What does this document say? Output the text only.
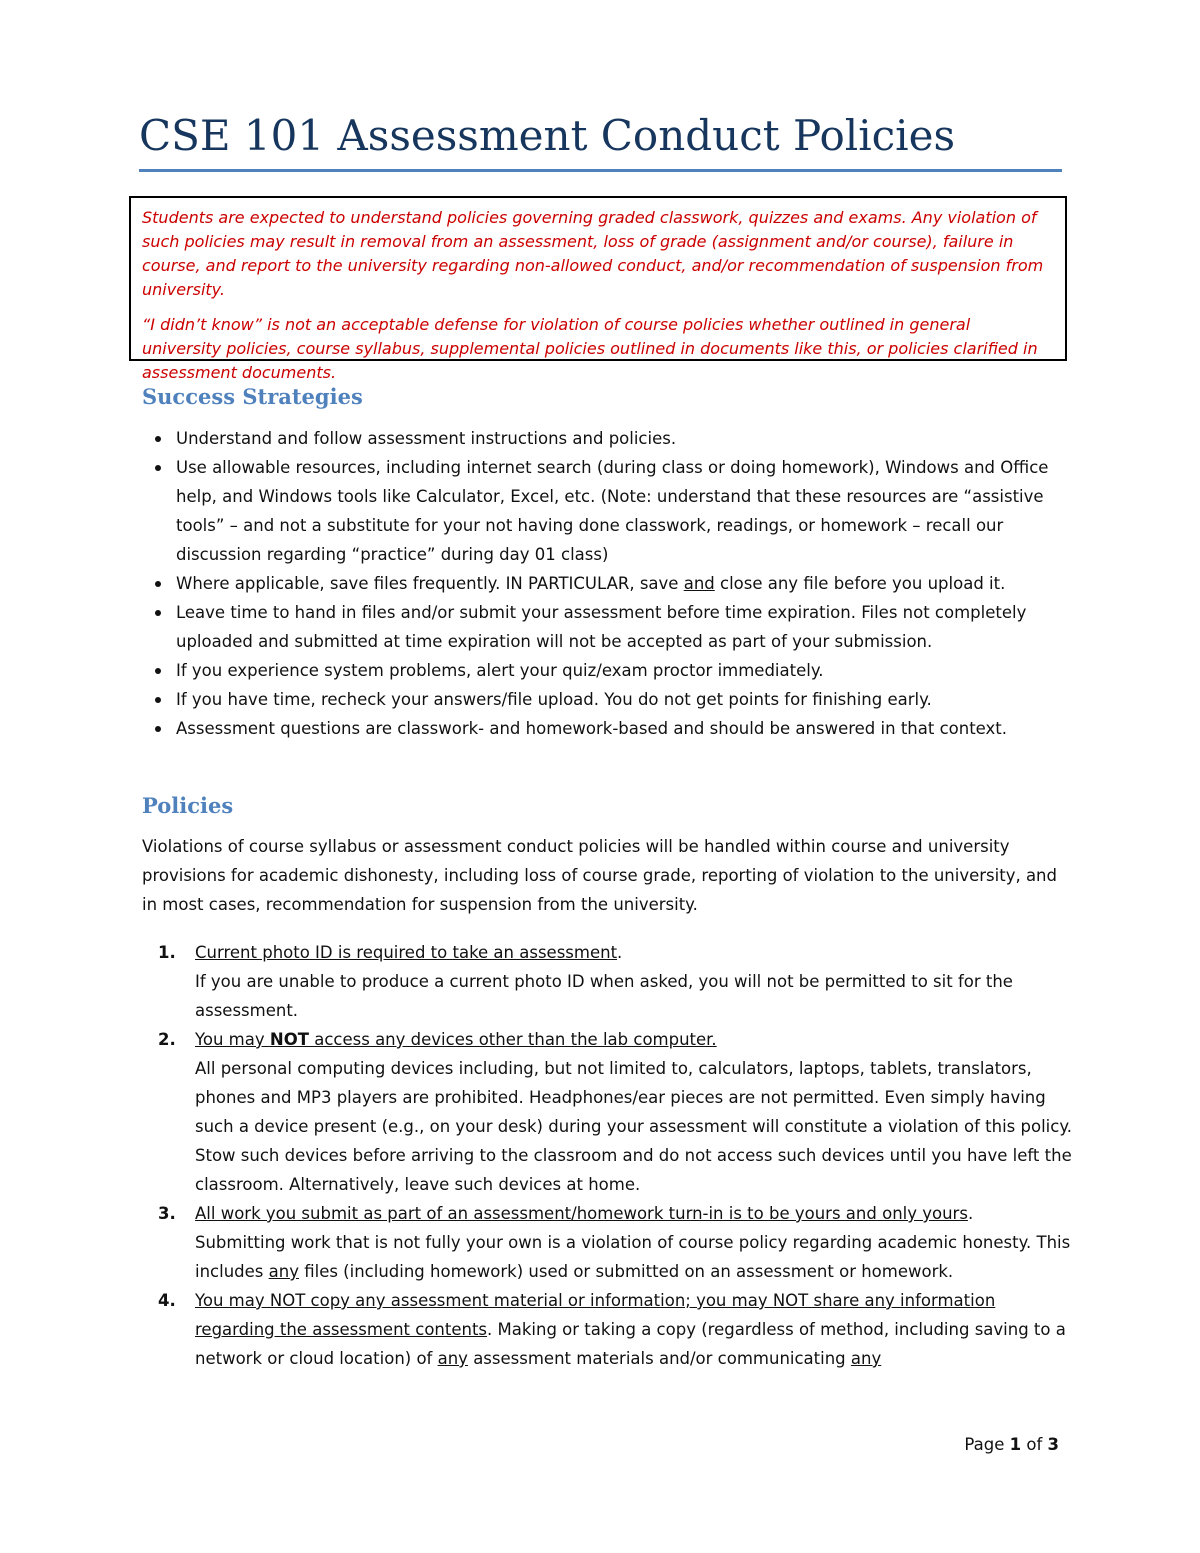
CSE 101 Assessment Conduct Policies

Students are expected to understand policies governing graded classwork, quizzes and exams. Any violation of such policies may result in removal from an assessment, loss of grade (assignment and/or course), failure in course, and report to the university regarding non-allowed conduct, and/or recommendation of suspension from university.

“I didn’t know” is not an acceptable defense for violation of course policies whether outlined in general university policies, course syllabus, supplemental policies outlined in documents like this, or policies clarified in assessment documents.

Success Strategies
Understand and follow assessment instructions and policies.
Use allowable resources, including internet search (during class or doing homework), Windows and Office help, and Windows tools like Calculator, Excel, etc. (Note: understand that these resources are “assistive tools” – and not a substitute for your not having done classwork, readings, or homework – recall our discussion regarding “practice” during day 01 class)
Where applicable, save files frequently. IN PARTICULAR, save and close any file before you upload it.
Leave time to hand in files and/or submit your assessment before time expiration. Files not completely uploaded and submitted at time expiration will not be accepted as part of your submission.
If you experience system problems, alert your quiz/exam proctor immediately.
If you have time, recheck your answers/file upload. You do not get points for finishing early.
Assessment questions are classwork- and homework-based and should be answered in that context.
Policies

Violations of course syllabus or assessment conduct policies will be handled within course and university provisions for academic dishonesty, including loss of course grade, reporting of violation to the university, and in most cases, recommendation for suspension from the university.

1. Current photo ID is required to take an assessment.
If you are unable to produce a current photo ID when asked, you will not be permitted to sit for the assessment.
2. You may NOT access any devices other than the lab computer.
All personal computing devices including, but not limited to, calculators, laptops, tablets, translators, phones and MP3 players are prohibited. Headphones/ear pieces are not permitted. Even simply having such a device present (e.g., on your desk) during your assessment will constitute a violation of this policy. Stow such devices before arriving to the classroom and do not access such devices until you have left the classroom. Alternatively, leave such devices at home.
3. All work you submit as part of an assessment/homework turn-in is to be yours and only yours.
Submitting work that is not fully your own is a violation of course policy regarding academic honesty. This includes any files (including homework) used or submitted on an assessment or homework.
4. You may NOT copy any assessment material or information; you may NOT share any information regarding the assessment contents. Making or taking a copy (regardless of method, including saving to a network or cloud location) of any assessment materials and/or communicating any
Page 1 of 3
